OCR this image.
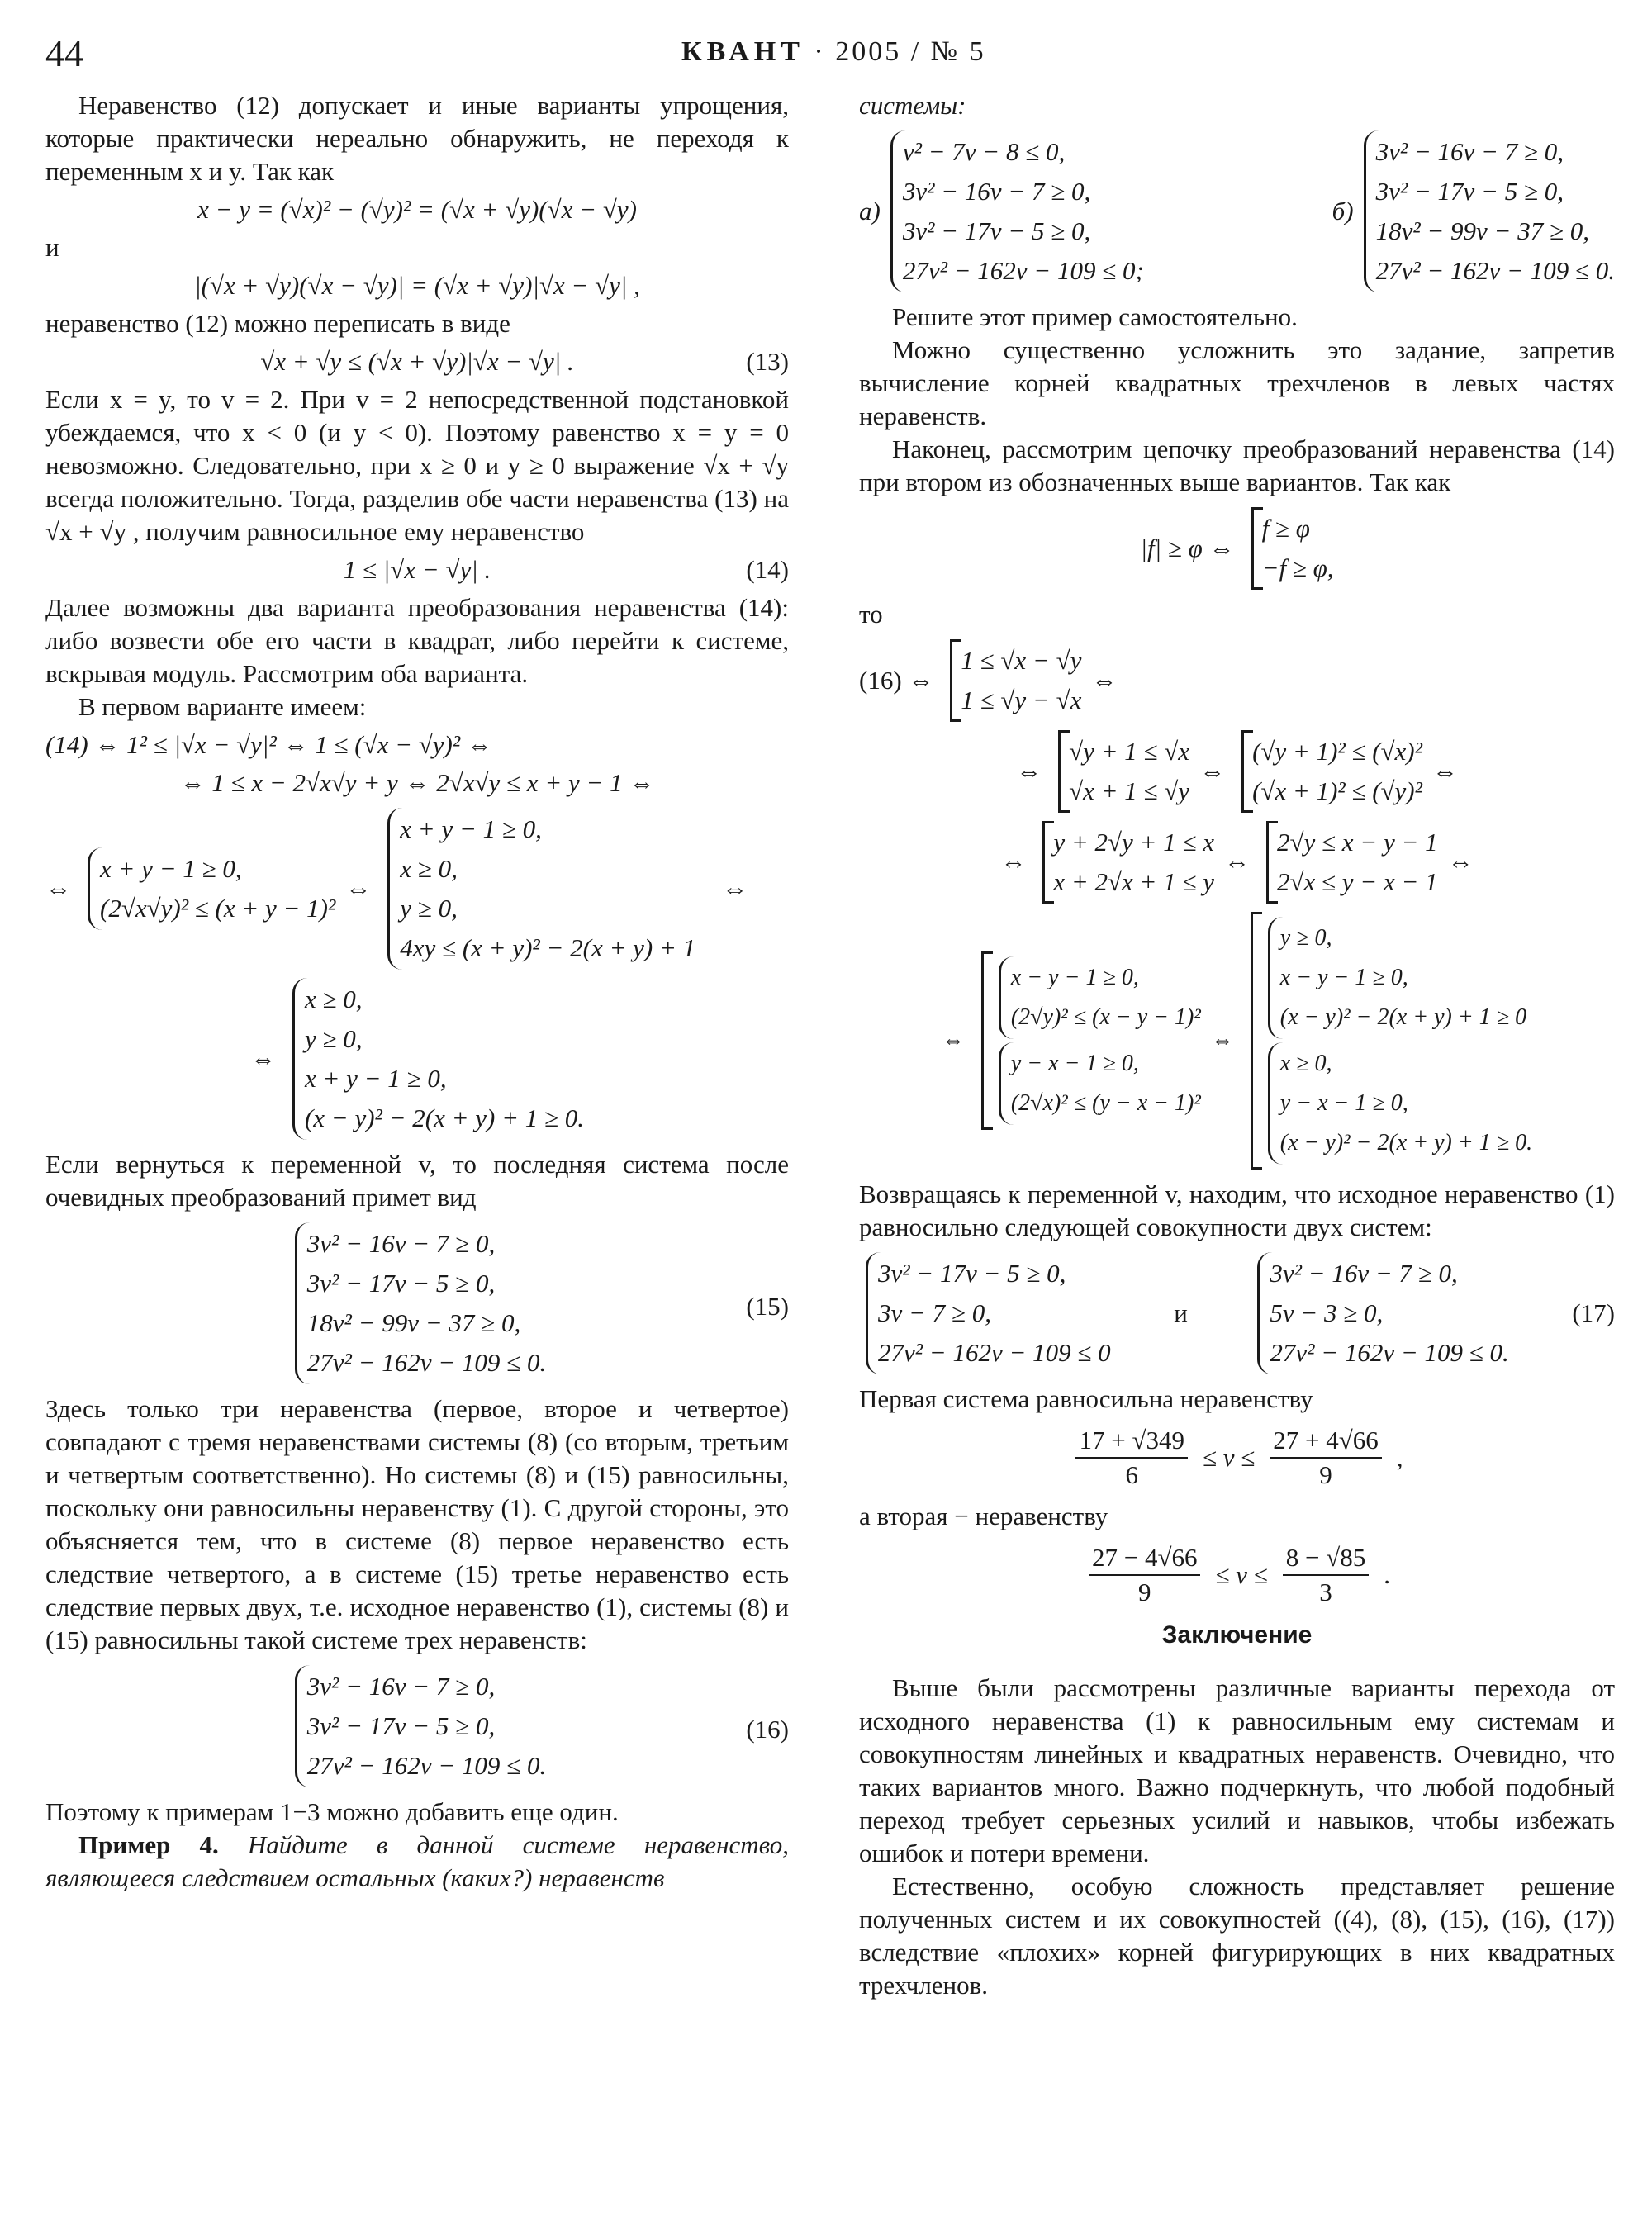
44	КВАНТ · 2005 / № 5

Неравенство (12) допускает и иные варианты упрощения, которые практически нереально обнаружить, не переходя к переменным x и y. Так как

x − y = (√x)² − (√y)² = (√x + √y)(√x − √y)

и

|(√x + √y)(√x − √y)| = (√x + √y)|√x − √y| ,

неравенство (12) можно переписать в виде

√x + √y ≤ (√x + √y)|√x − √y| .	(13)

Если x = y, то v = 2. При v = 2 непосредственной подстановкой убеждаемся, что x < 0 (и y < 0). Поэтому равенство x = y = 0 невозможно. Следовательно, при x ≥ 0 и y ≥ 0 выражение √x + √y всегда положительно. Тогда, разделив обе части неравенства (13) на √x + √y , получим равносильное ему неравенство

1 ≤ |√x − √y| .	(14)

Далее возможны два варианта преобразования неравенства (14): либо возвести обе его части в квадрат, либо перейти к системе, вскрывая модуль. Рассмотрим оба варианта.

В первом варианте имеем:

(14) ⇔ 1² ≤ |√x − √y|² ⇔ 1 ≤ (√x − √y)² ⇔
⇔ 1 ≤ x − 2√x√y + y ⇔ 2√x√y ≤ x + y − 1 ⇔
⇔
x + y − 1 ≥ 0,
(2√x√y)² ≤ (x + y − 1)²
⇔
x + y − 1 ≥ 0,
x ≥ 0,
y ≥ 0,
4xy ≤ (x + y)² − 2(x + y) + 1
⇔
⇔
x ≥ 0,
y ≥ 0,
x + y − 1 ≥ 0,
(x − y)² − 2(x + y) + 1 ≥ 0.

Если вернуться к переменной v, то последняя система после очевидных преобразований примет вид

3v² − 16v − 7 ≥ 0,
3v² − 17v − 5 ≥ 0,
18v² − 99v − 37 ≥ 0,
27v² − 162v − 109 ≤ 0.
(15)

Здесь только три неравенства (первое, второе и четвертое) совпадают с тремя неравенствами системы (8) (со вторым, третьим и четвертым соответственно). Но системы (8) и (15) равносильны, поскольку они равносильны неравенству (1). С другой стороны, это объясняется тем, что в системе (8) первое неравенство есть следствие четвертого, а в системе (15) третье неравенство есть следствие первых двух, т.е. исходное неравенство (1), системы (8) и (15) равносильны такой системе трех неравенств:

3v² − 16v − 7 ≥ 0,
3v² − 17v − 5 ≥ 0,
27v² − 162v − 109 ≤ 0.
(16)

Поэтому к примерам 1−3 можно добавить еще один.

Пример 4. Найдите в данной системе неравенство, являющееся следствием остальных (каких?) неравенств

системы:

а)
v² − 7v − 8 ≤ 0,
3v² − 16v − 7 ≥ 0,
3v² − 17v − 5 ≥ 0,
27v² − 162v − 109 ≤ 0;
б)
3v² − 16v − 7 ≥ 0,
3v² − 17v − 5 ≥ 0,
18v² − 99v − 37 ≥ 0,
27v² − 162v − 109 ≤ 0.

Решите этот пример самостоятельно.

Можно существенно усложнить это задание, запретив вычисление корней квадратных трехчленов в левых частях неравенств.

Наконец, рассмотрим цепочку преобразований неравенства (14) при втором из обозначенных выше вариантов. Так как

|f| ≥ φ ⇔
f ≥ φ
−f ≥ φ,

то

(16) ⇔
1 ≤ √x − √y
1 ≤ √y − √x
⇔
⇔
√y + 1 ≤ √x
√x + 1 ≤ √y
⇔
(√y + 1)² ≤ (√x)²
(√x + 1)² ≤ (√y)²
⇔
⇔
y + 2√y + 1 ≤ x
x + 2√x + 1 ≤ y
⇔
2√y ≤ x − y − 1
2√x ≤ y − x − 1
⇔
⇔
x − y − 1 ≥ 0,
(2√y)² ≤ (x − y − 1)²
y − x − 1 ≥ 0,
(2√x)² ≤ (y − x − 1)²
⇔
y ≥ 0,
x − y − 1 ≥ 0,
(x − y)² − 2(x + y) + 1 ≥ 0
x ≥ 0,
y − x − 1 ≥ 0,
(x − y)² − 2(x + y) + 1 ≥ 0.

Возвращаясь к переменной v, находим, что исходное неравенство (1) равносильно следующей совокупности двух систем:

3v² − 17v − 5 ≥ 0,
3v − 7 ≥ 0,
27v² − 162v − 109 ≤ 0
и
3v² − 16v − 7 ≥ 0,
5v − 3 ≥ 0,
27v² − 162v − 109 ≤ 0.
(17)

Первая система равносильна неравенству

$\frac{17 + √349}{6} \le v \le \frac{27 + 4√66}{9}$ ,

а вторая − неравенству

$\frac{27 - 4√66}{9} \le v \le \frac{8 - √85}{3}$ .
Заключение

Выше были рассмотрены различные варианты перехода от исходного неравенства (1) к равносильным ему системам и совокупностям линейных и квадратных неравенств. Очевидно, что таких вариантов много. Важно подчеркнуть, что любой подобный переход требует серьезных усилий и навыков, чтобы избежать ошибок и потери времени.

Естественно, особую сложность представляет решение полученных систем и их совокупностей ((4), (8), (15), (16), (17)) вследствие «плохих» корней фигурирующих в них квадратных трехчленов.
